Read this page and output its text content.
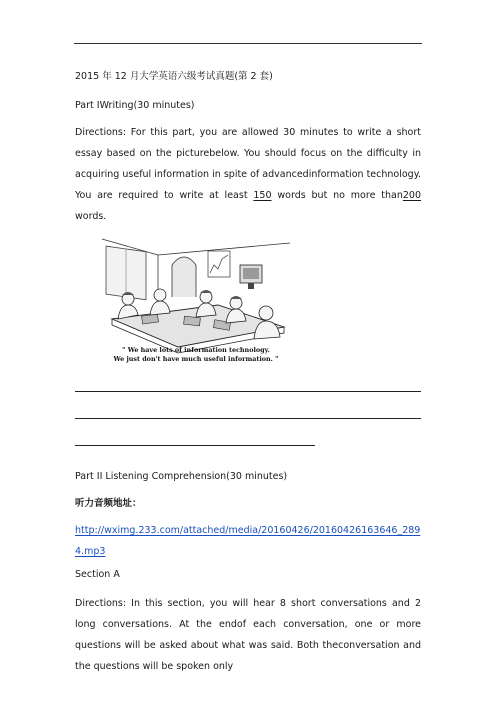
2015 年 12 月大学英语六级考试真题(第 2 套)

Part IWriting(30 minutes)

Directions: For this part, you are allowed 30 minutes to write a short essay based on the picturebelow. You should focus on the difficulty in acquiring useful information in spite of advancedinformation technology. You are required to write at least 150 words but no more than200 words．

" We have lots of information technology.
We just don't have much useful information. "

Part II Listening Comprehension(30 minutes)

听力音频地址：

http://wximg.233.com/attached/media/20160426/20160426163646_2894.mp3

Section A

Directions: In this section, you will hear 8 short conversations and 2 long conversations. At the endof each conversation, one or more questions will be asked about what was said. Both theconversation and the questions will be spoken only
